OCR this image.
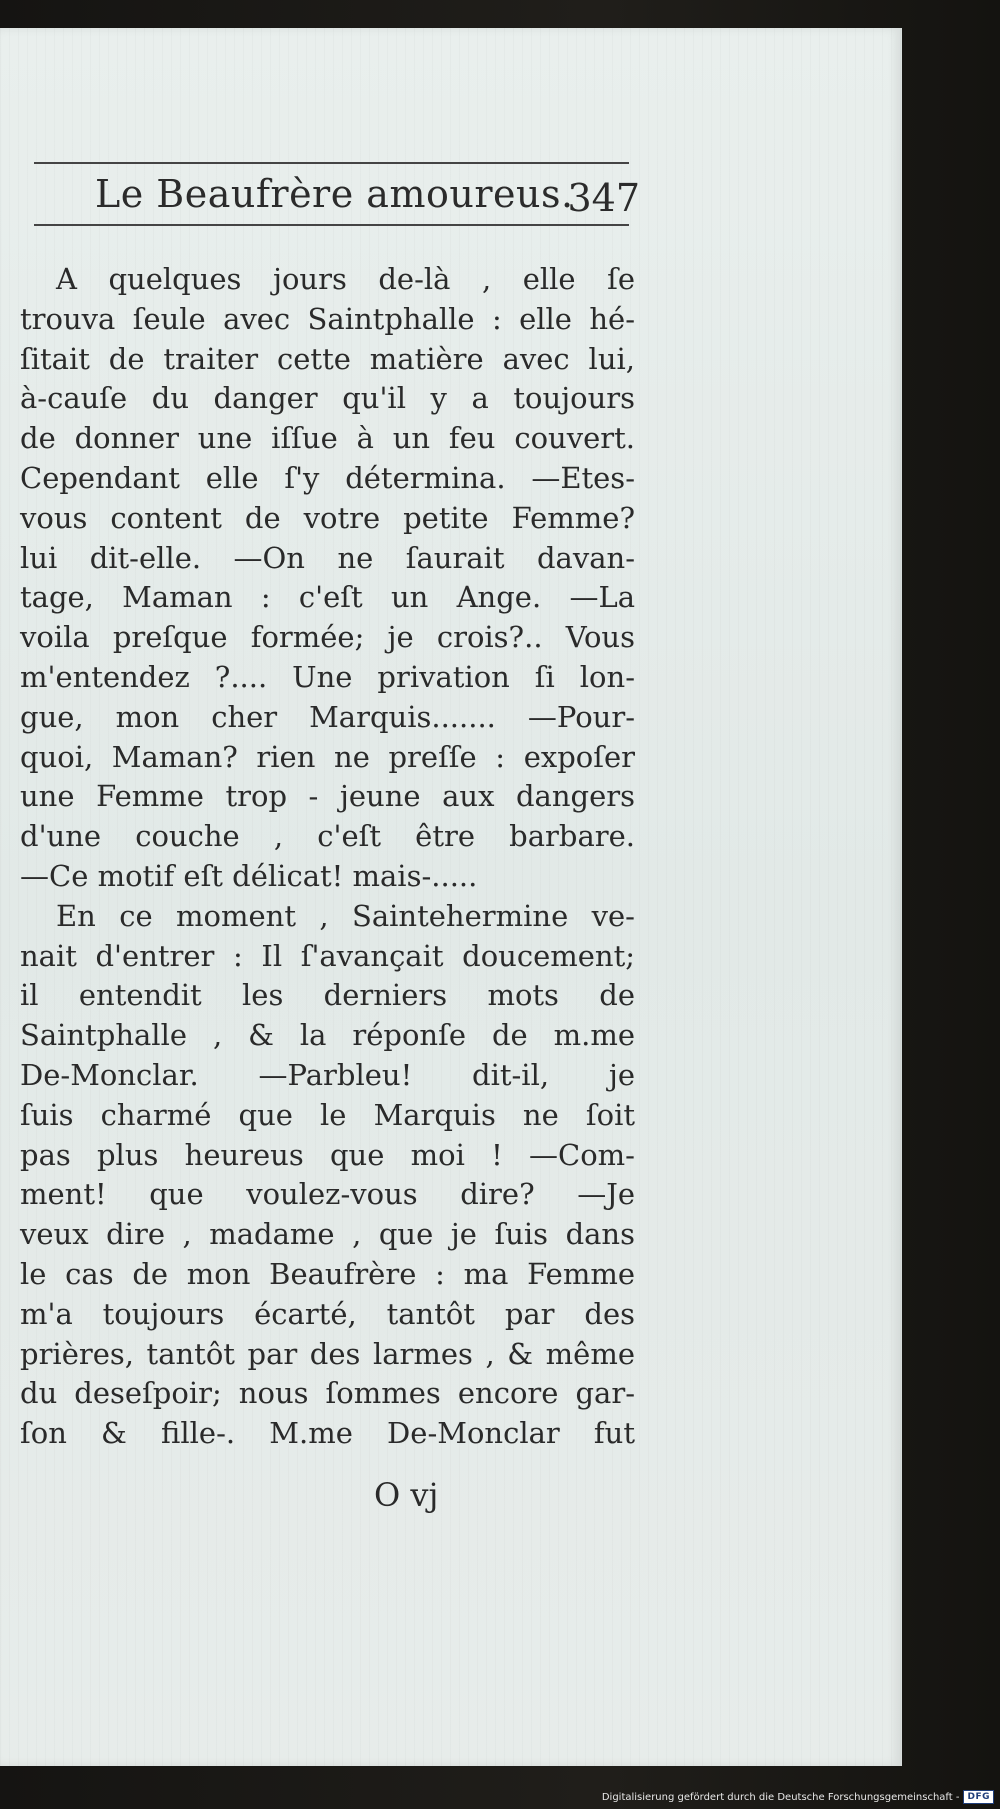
Le Beaufrère amoureus.
347
A quelques jours de-là , elle ſe
trouva ſeule avec Saintphalle : elle hé-
ſitait de traiter cette matière avec lui,
à-cauſe du danger qu'il y a toujours
de donner une iſſue à un feu couvert.
Cependant elle ſ'y détermina. —Etes-
vous content de votre petite Femme?
lui dit-elle. —On ne ſaurait davan-
tage, Maman : c'eſt un Ange. —La
voila preſque formée; je crois?.. Vous
m'entendez ?.... Une privation ſi lon-
gue, mon cher Marquis....... —Pour-
quoi, Maman? rien ne preſſe : expoſer
une Femme trop - jeune aux dangers
d'une couche , c'eſt être barbare.
—Ce motif eſt délicat! mais-.....
En ce moment , Saintehermine ve-
nait d'entrer : Il ſ'avançait doucement;
il entendit les derniers mots de
Saintphalle , & la réponſe de m.me
De-Monclar. —Parbleu! dit-il, je
ſuis charmé que le Marquis ne ſoit
pas plus heureus que moi ! —Com-
ment! que voulez-vous dire? —Je
veux dire , madame , que je ſuis dans
le cas de mon Beaufrère : ma Femme
m'a toujours écarté, tantôt par des
prières, tantôt par des larmes , & même
du deseſpoir; nous ſommes encore gar-
ſon & fille-. M.me De-Monclar fut
O vj
Digitalisierung gefördert durch die Deutsche Forschungsgemeinschaft - DFG
